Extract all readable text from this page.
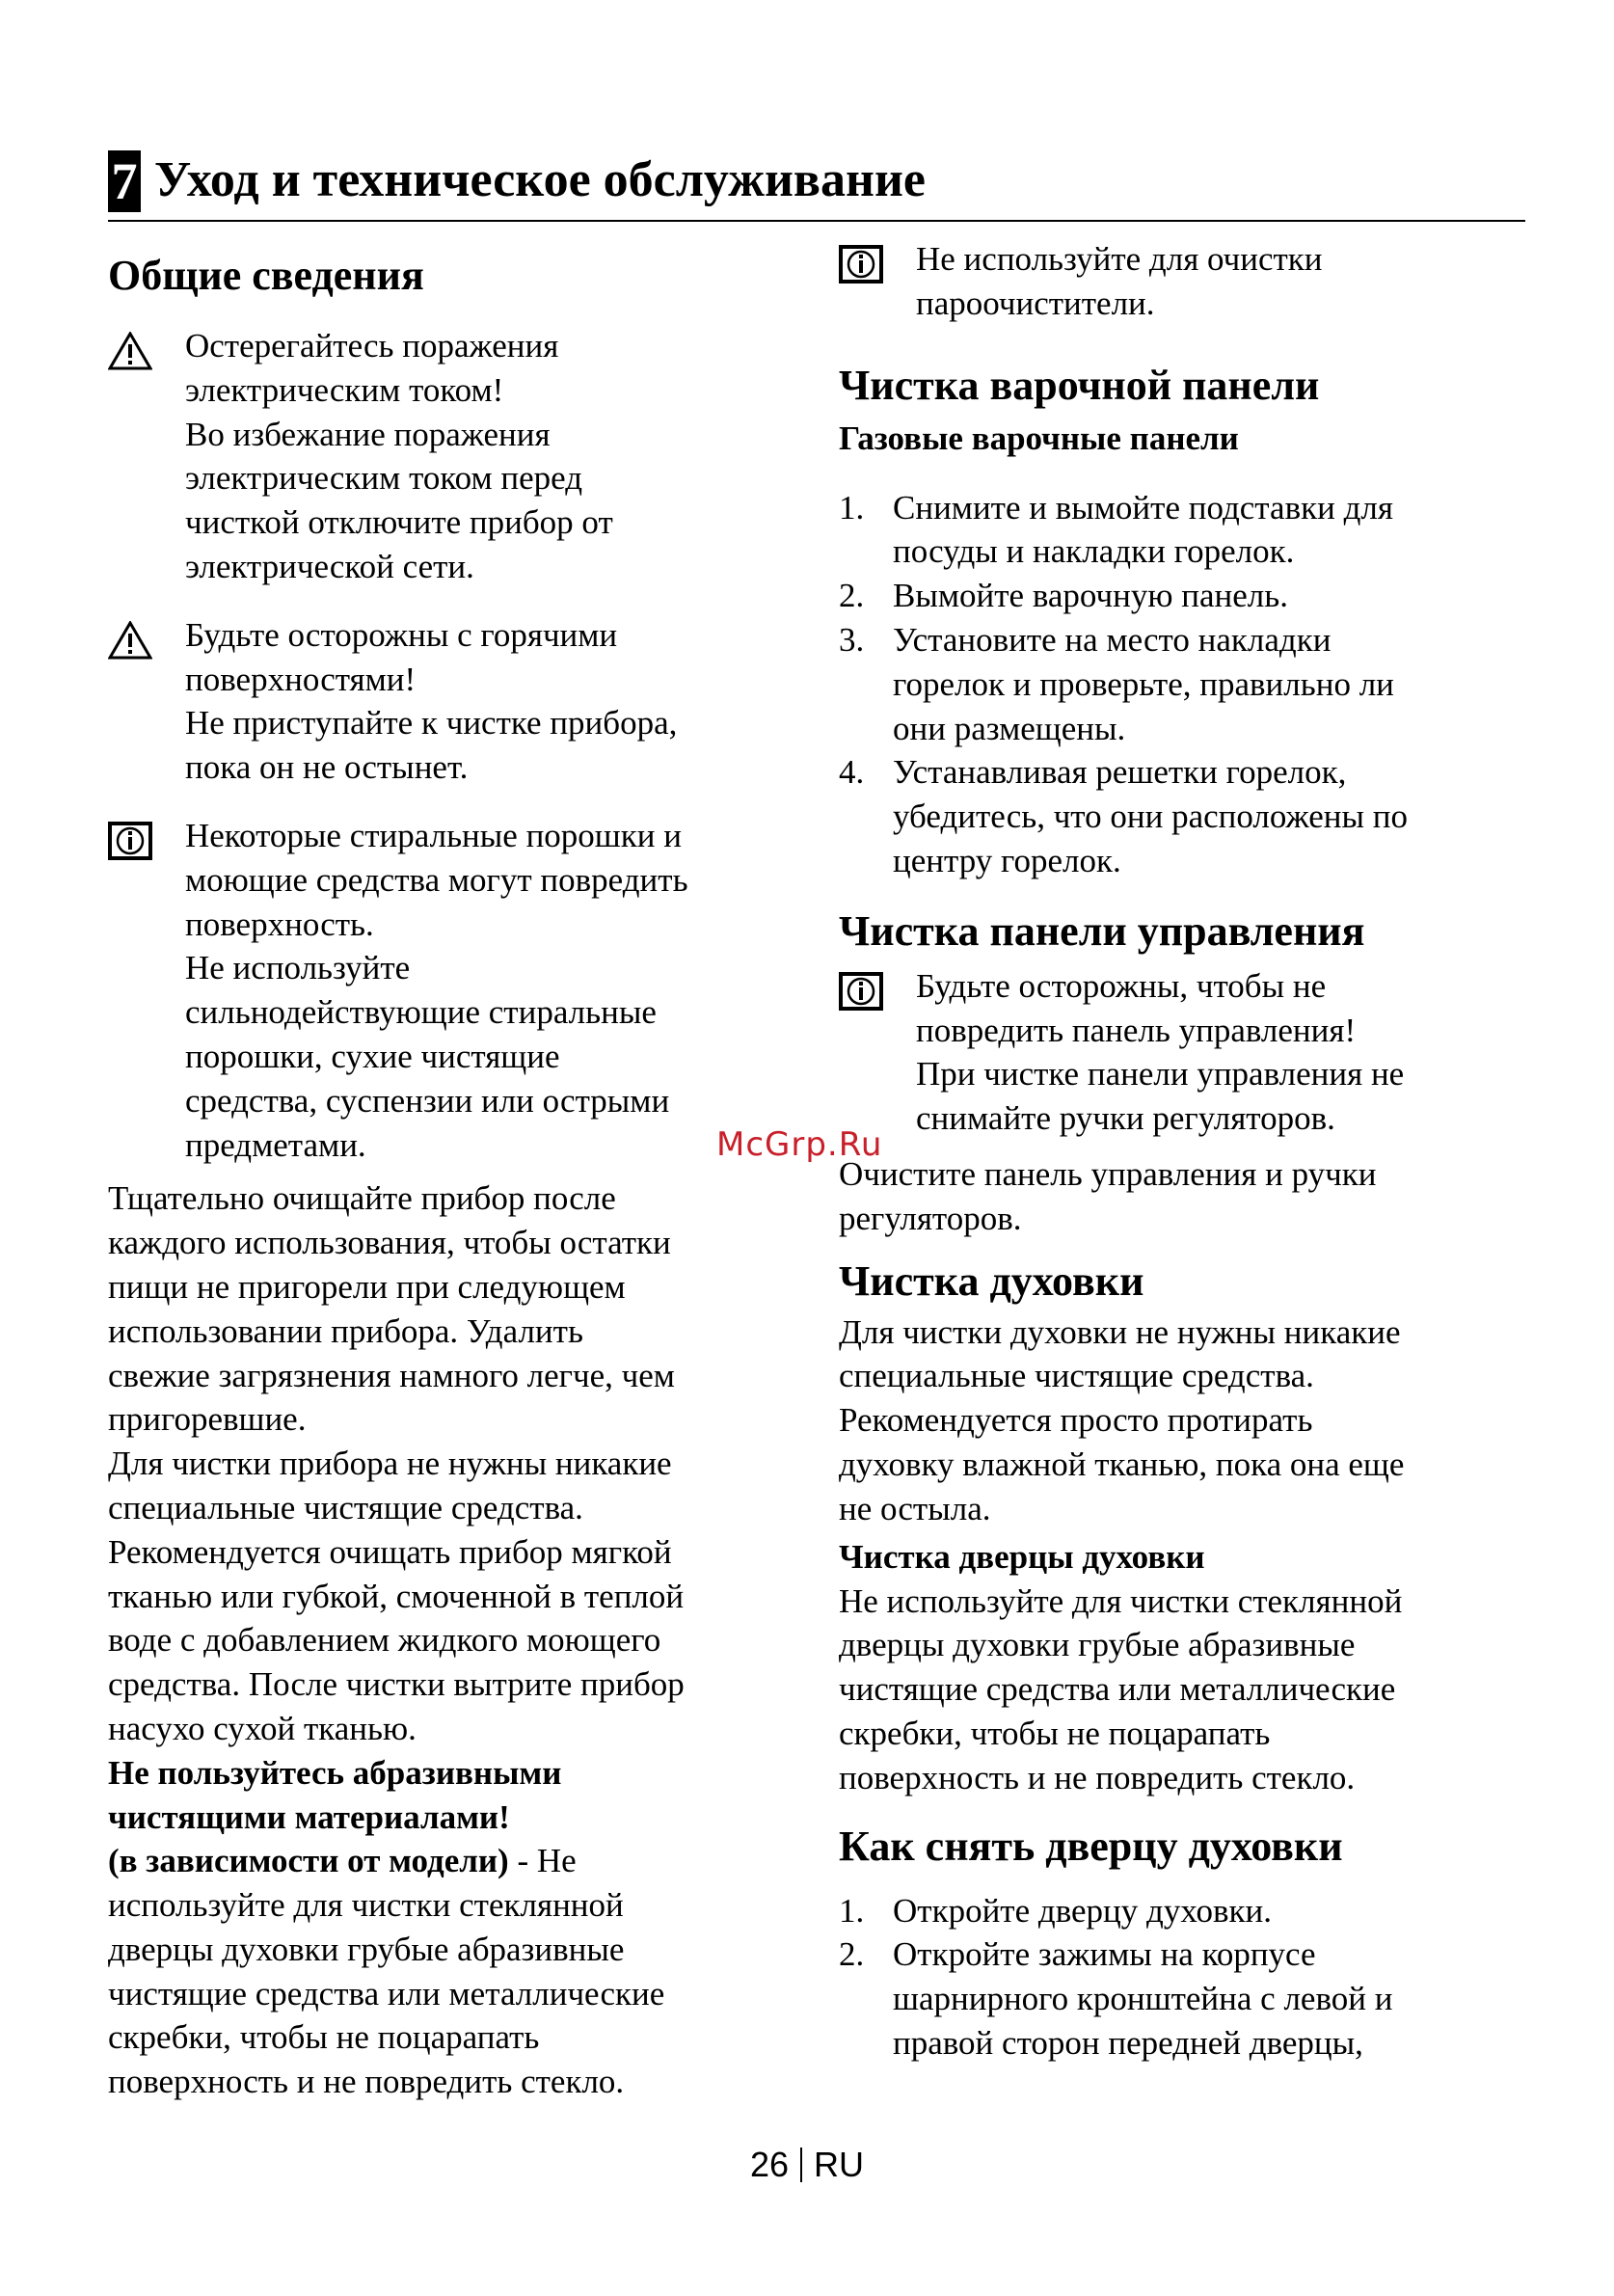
7 Уход и техническое обслуживание
Общие сведения

Остерегайтесь поражения
электрическим током!
Во избежание поражения
электрическим током перед
чисткой отключите прибор от
электрической сети.

Будьте осторожны с горячими
поверхностями!
Не приступайте к чистке прибора,
пока он не остынет.

Некоторые стиральные порошки и
моющие средства могут повредить
поверхность.
Не используйте
сильнодействующие стиральные
порошки, сухие чистящие
средства, суспензии или острыми
предметами.

Тщательно очищайте прибор после
каждого использования, чтобы остатки
пищи не пригорели при следующем
использовании прибора. Удалить
свежие загрязнения намного легче, чем
пригоревшие.
Для чистки прибора не нужны никакие
специальные чистящие средства.
Рекомендуется очищать прибор мягкой
тканью или губкой, смоченной в теплой
воде с добавлением жидкого моющего
средства. После чистки вытрите прибор
насухо сухой тканью.

Не пользуйтесь абразивными
чистящими материалами!

(в зависимости от модели) - Не
используйте для чистки стеклянной
дверцы духовки грубые абразивные
чистящие средства или металлические
скребки, чтобы не поцарапать
поверхность и не повредить стекло.

Не используйте для очистки
пароочистители.

Чистка варочной панели
Газовые варочные панели
1. Снимите и вымойте подставки для
посуды и накладки горелок.
2. Вымойте варочную панель.
3. Установите на место накладки
горелок и проверьте, правильно ли
они размещены.
4. Устанавливая решетки горелок,
убедитесь, что они расположены по
центру горелок.
Чистка панели управления

Будьте осторожны, чтобы не
повредить панель управления!
При чистке панели управления не
снимайте ручки регуляторов.

Очистите панель управления и ручки
регуляторов.

Чистка духовки

Для чистки духовки не нужны никакие
специальные чистящие средства.
Рекомендуется просто протирать
духовку влажной тканью, пока она еще
не остыла.

Чистка дверцы духовки

Не используйте для чистки стеклянной
дверцы духовки грубые абразивные
чистящие средства или металлические
скребки, чтобы не поцарапать
поверхность и не повредить стекло.

Как снять дверцу духовки
1. Откройте дверцу духовки.
2. Откройте зажимы на корпусе
шарнирного кронштейна с левой и
правой сторон передней дверцы,
McGrp.Ru
26 RU
